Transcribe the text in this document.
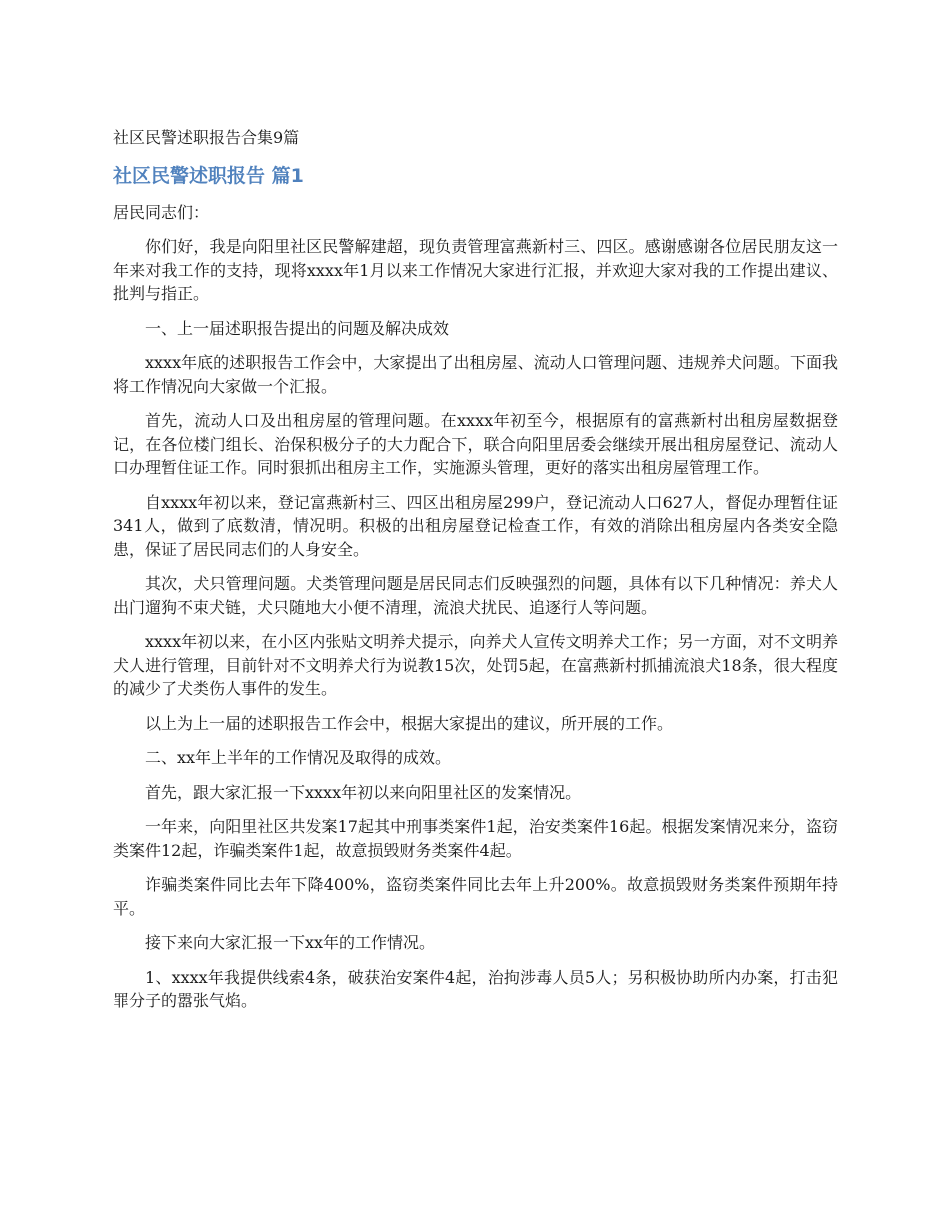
社区民警述职报告合集9篇
社区民警述职报告 篇1
居民同志们：

你们好，我是向阳里社区民警解建超，现负责管理富燕新村三、四区。感谢感谢各位居民朋友这一年来对我工作的支持，现将xxxx年1月以来工作情况大家进行汇报，并欢迎大家对我的工作提出建议、批判与指正。

一、上一届述职报告提出的问题及解决成效

xxxx年底的述职报告工作会中，大家提出了出租房屋、流动人口管理问题、违规养犬问题。下面我将工作情况向大家做一个汇报。

首先，流动人口及出租房屋的管理问题。在xxxx年初至今，根据原有的富燕新村出租房屋数据登记，在各位楼门组长、治保积极分子的大力配合下，联合向阳里居委会继续开展出租房屋登记、流动人口办理暂住证工作。同时狠抓出租房主工作，实施源头管理，更好的落实出租房屋管理工作。

自xxxx年初以来，登记富燕新村三、四区出租房屋299户，登记流动人口627人，督促办理暂住证341人，做到了底数清，情况明。积极的出租房屋登记检查工作，有效的消除出租房屋内各类安全隐患，保证了居民同志们的人身安全。

其次，犬只管理问题。犬类管理问题是居民同志们反映强烈的问题，具体有以下几种情况：养犬人出门遛狗不束犬链，犬只随地大小便不清理，流浪犬扰民、追逐行人等问题。

xxxx年初以来，在小区内张贴文明养犬提示，向养犬人宣传文明养犬工作；另一方面，对不文明养犬人进行管理，目前针对不文明养犬行为说教15次，处罚5起，在富燕新村抓捕流浪犬18条，很大程度的减少了犬类伤人事件的发生。

以上为上一届的述职报告工作会中，根据大家提出的建议，所开展的工作。

二、xx年上半年的工作情况及取得的成效。

首先，跟大家汇报一下xxxx年初以来向阳里社区的发案情况。

一年来，向阳里社区共发案17起其中刑事类案件1起，治安类案件16起。根据发案情况来分，盗窃类案件12起，诈骗类案件1起，故意损毁财务类案件4起。

诈骗类案件同比去年下降400%，盗窃类案件同比去年上升200%。故意损毁财务类案件预期年持平。

接下来向大家汇报一下xx年的工作情况。

1、xxxx年我提供线索4条，破获治安案件4起，治拘涉毒人员5人；另积极协助所内办案，打击犯罪分子的嚣张气焰。
